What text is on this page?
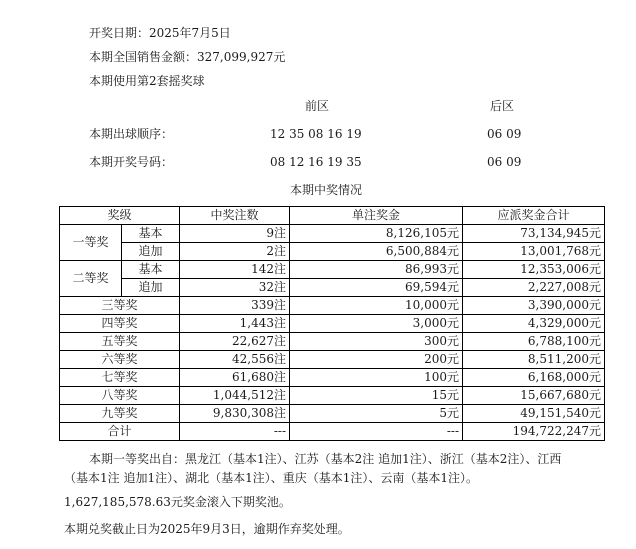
开奖日期：2025年7月5日
本期全国销售金额：327,099,927元
本期使用第2套摇奖球
前区	后区
本期出球顺序：	12 35 08 16 19	06 09
本期开奖号码：	08 12 16 19 35	06 09
本期中奖情况
奖级		中奖注数	单注奖金	应派奖金合计
一等奖	基本	9注	8,126,105元	73,134,945元
	追加	2注	6,500,884元	13,001,768元
二等奖	基本	142注	86,993元	12,353,006元
	追加	32注	69,594元	2,227,008元
三等奖		339注	10,000元	3,390,000元
四等奖		1,443注	3,000元	4,329,000元
五等奖		22,627注	300元	6,788,100元
六等奖		42,556注	200元	8,511,200元
七等奖		61,680注	100元	6,168,000元
八等奖		1,044,512注	15元	15,667,680元
九等奖		9,830,308注	5元	49,151,540元
合计		---	---	194,722,247元
本期一等奖出自：黑龙江（基本1注）、江苏（基本2注 追加1注）、浙江（基本2注）、江西
（基本1注 追加1注）、湖北（基本1注）、重庆（基本1注）、云南（基本1注）。
1,627,185,578.63元奖金滚入下期奖池。
本期兑奖截止日为2025年9月3日，逾期作弃奖处理。
